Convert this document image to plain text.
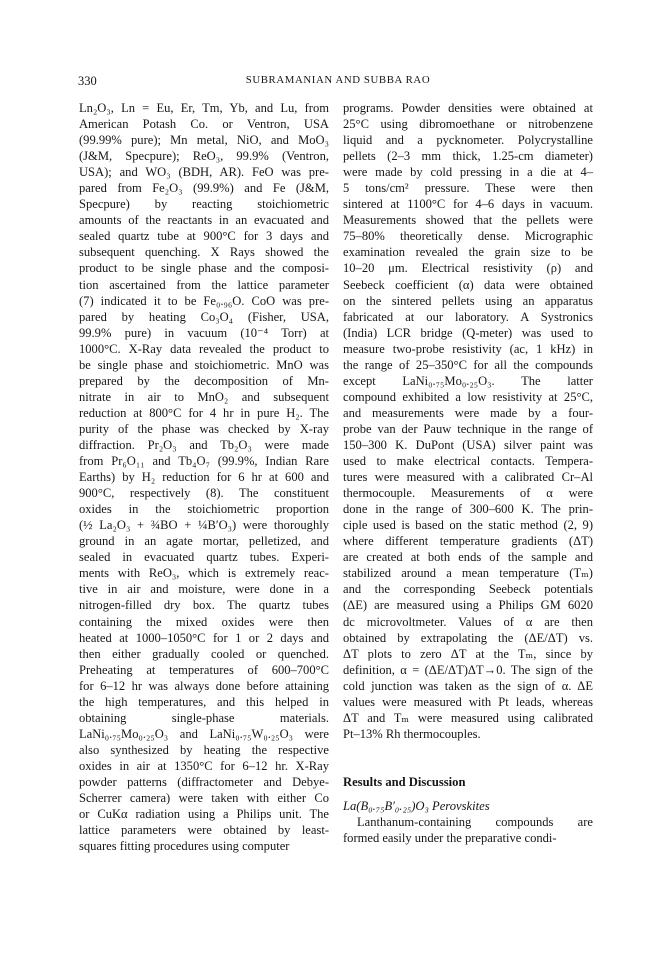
330	SUBRAMANIAN AND SUBBA RAO

Ln₂O₃, Ln = Eu, Er, Tm, Yb, and Lu, from

American Potash Co. or Ventron, USA

(99.99% pure); Mn metal, NiO, and MoO₃

(J&M, Specpure); ReO₃, 99.9% (Ventron,

USA); and WO₃ (BDH, AR). FeO was pre-

pared from Fe₂O₃ (99.9%) and Fe (J&M,

Specpure) by reacting stoichiometric

amounts of the reactants in an evacuated and

sealed quartz tube at 900°C for 3 days and

subsequent quenching. X Rays showed the

product to be single phase and the composi-

tion ascertained from the lattice parameter

(7) indicated it to be Fe₀.₉₆O. CoO was pre-

pared by heating Co₃O₄ (Fisher, USA,

99.9% pure) in vacuum (10⁻⁴ Torr) at

1000°C. X-Ray data revealed the product to

be single phase and stoichiometric. MnO was

prepared by the decomposition of Mn-

nitrate in air to MnO₂ and subsequent

reduction at 800°C for 4 hr in pure H₂. The

purity of the phase was checked by X-ray

diffraction. Pr₂O₃ and Tb₂O₃ were made

from Pr₆O₁₁ and Tb₄O₇ (99.9%, Indian Rare

Earths) by H₂ reduction for 6 hr at 600 and

900°C, respectively (8). The constituent

oxides in the stoichiometric proportion

(½ La₂O₃ + ¾BO + ¼B′O₃) were thoroughly

ground in an agate mortar, pelletized, and

sealed in evacuated quartz tubes. Experi-

ments with ReO₃, which is extremely reac-

tive in air and moisture, were done in a

nitrogen-filled dry box. The quartz tubes

containing the mixed oxides were then

heated at 1000–1050°C for 1 or 2 days and

then either gradually cooled or quenched.

Preheating at temperatures of 600–700°C

for 6–12 hr was always done before attaining

the high temperatures, and this helped in

obtaining single-phase materials.

LaNi₀.₇₅Mo₀.₂₅O₃ and LaNi₀.₇₅W₀.₂₅O₃ were

also synthesized by heating the respective

oxides in air at 1350°C for 6–12 hr. X-Ray

powder patterns (diffractometer and Debye-

Scherrer camera) were taken with either Co

or CuKα radiation using a Philips unit. The

lattice parameters were obtained by least-

squares fitting procedures using computer

programs. Powder densities were obtained at

25°C using dibromoethane or nitrobenzene

liquid and a pycknometer. Polycrystalline

pellets (2–3 mm thick, 1.25-cm diameter)

were made by cold pressing in a die at 4–

5 tons/cm² pressure. These were then

sintered at 1100°C for 4–6 days in vacuum.

Measurements showed that the pellets were

75–80% theoretically dense. Micrographic

examination revealed the grain size to be

10–20 μm. Electrical resistivity (ρ) and

Seebeck coefficient (α) data were obtained

on the sintered pellets using an apparatus

fabricated at our laboratory. A Systronics

(India) LCR bridge (Q-meter) was used to

measure two-probe resistivity (ac, 1 kHz) in

the range of 25–350°C for all the compounds

except LaNi₀.₇₅Mo₀.₂₅O₃. The latter

compound exhibited a low resistivity at 25°C,

and measurements were made by a four-

probe van der Pauw technique in the range of

150–300 K. DuPont (USA) silver paint was

used to make electrical contacts. Tempera-

tures were measured with a calibrated Cr–Al

thermocouple. Measurements of α were

done in the range of 300–600 K. The prin-

ciple used is based on the static method (2, 9)

where different temperature gradients (ΔT)

are created at both ends of the sample and

stabilized around a mean temperature (Tₘ)

and the corresponding Seebeck potentials

(ΔE) are measured using a Philips GM 6020

dc microvoltmeter. Values of α are then

obtained by extrapolating the (ΔE/ΔT) vs.

ΔT plots to zero ΔT at the Tₘ, since by

definition, α = (ΔE/ΔT)ΔT→0. The sign of the

cold junction was taken as the sign of α. ΔE

values were measured with Pt leads, whereas

ΔT and Tₘ were measured using calibrated

Pt–13% Rh thermocouples.

Results and Discussion

La(B₀.₇₅B′₀.₂₅)O₃ Perovskites

Lanthanum-containing compounds are

formed easily under the preparative condi-
